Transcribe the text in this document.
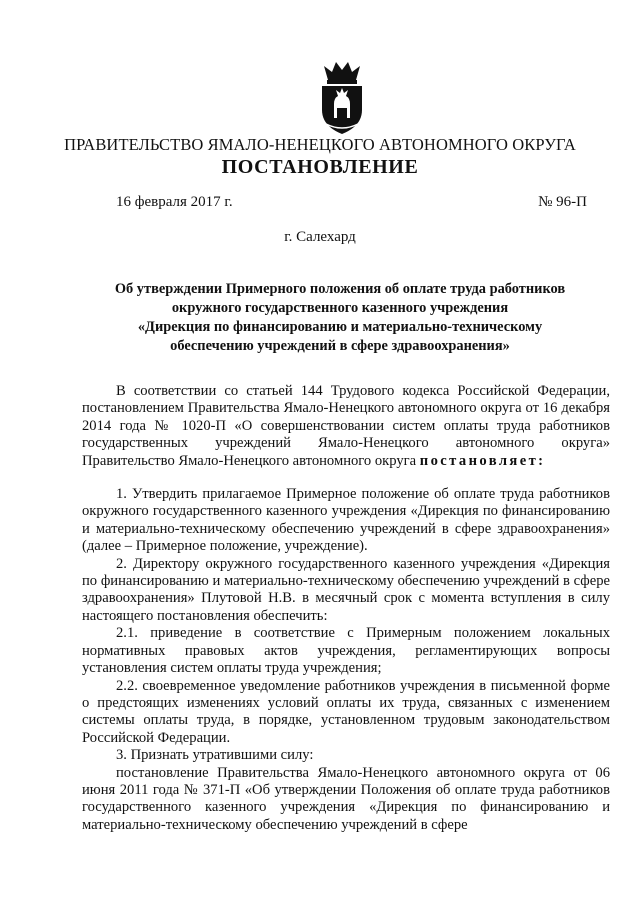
ПРАВИТЕЛЬСТВО ЯМАЛО-НЕНЕЦКОГО АВТОНОМНОГО ОКРУГА
ПОСТАНОВЛЕНИЕ
16 февраля 2017 г.	№ 96-П
г. Салехард
Об утверждении Примерного положения об оплате труда работников
окружного государственного казенного учреждения
«Дирекция по финансированию и материально-техническому
обеспечению учреждений в сфере здравоохранения»

В соответствии со статьей 144 Трудового кодекса Российской Федерации, постановлением Правительства Ямало-Ненецкого автономного округа от 16 декабря 2014 года № 1020-П «О совершенствовании систем оплаты труда работников государственных учреждений Ямало-Ненецкого автономного округа» Правительство Ямало-Ненецкого автономного округа постановляет:

1. Утвердить прилагаемое Примерное положение об оплате труда работников окружного государственного казенного учреждения «Дирекция по финансированию и материально-техническому обеспечению учреждений в сфере здравоохранения» (далее – Примерное положение, учреждение).

2. Директору окружного государственного казенного учреждения «Дирекция по финансированию и материально-техническому обеспечению учреждений в сфере здравоохранения» Плутовой Н.В. в месячный срок с момента вступления в силу настоящего постановления обеспечить:

2.1. приведение в соответствие с Примерным положением локальных нормативных правовых актов учреждения, регламентирующих вопросы установления систем оплаты труда учреждения;

2.2. своевременное уведомление работников учреждения в письменной форме о предстоящих изменениях условий оплаты их труда, связанных с изменением системы оплаты труда, в порядке, установленном трудовым законодательством Российской Федерации.

3. Признать утратившими силу:

постановление Правительства Ямало-Ненецкого автономного округа от 06 июня 2011 года № 371-П «Об утверждении Положения об оплате труда работников государственного казенного учреждения «Дирекция по финансированию и материально-техническому обеспечению учреждений в сфере
